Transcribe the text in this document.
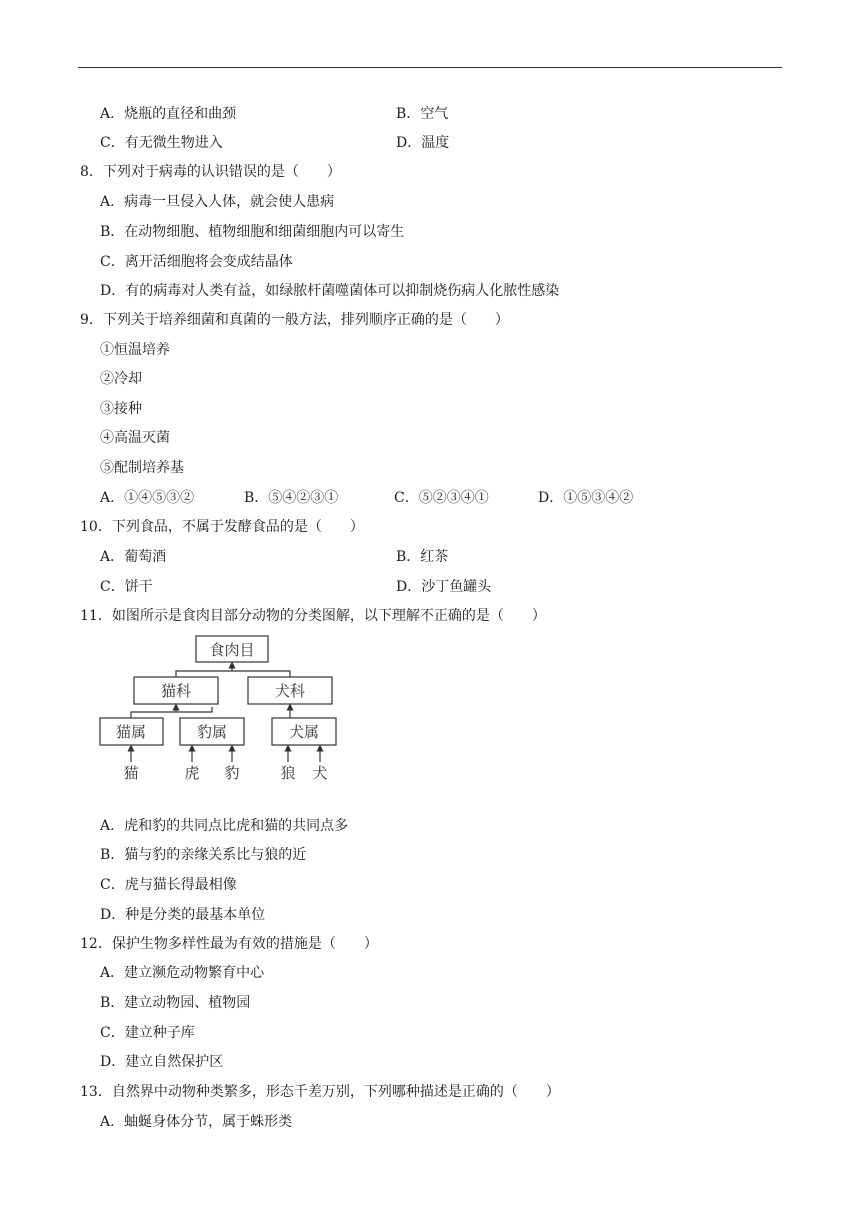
A．烧瓶的直径和曲颈	B．空气
C．有无微生物进入	D．温度
8．下列对于病毒的认识错误的是（　　）
A．病毒一旦侵入人体，就会使人患病
B．在动物细胞、植物细胞和细菌细胞内可以寄生
C．离开活细胞将会变成结晶体
D．有的病毒对人类有益，如绿脓杆菌噬菌体可以抑制烧伤病人化脓性感染
9．下列关于培养细菌和真菌的一般方法，排列顺序正确的是（　　）
①恒温培养
②冷却
③接种
④高温灭菌
⑤配制培养基
A．①④⑤③②	B．⑤④②③①	C．⑤②③④①	D．①⑤③④②
10．下列食品，不属于发酵食品的是（　　）
A．葡萄酒	B．红茶
C．饼干	D．沙丁鱼罐头
11．如图所示是食肉目部分动物的分类图解，以下理解不正确的是（　　）
食肉目
猫科	犬科
猫属	豹属	犬属
猫	虎 豹	狼 犬
A．虎和豹的共同点比虎和猫的共同点多
B．猫与豹的亲缘关系比与狼的近
C．虎与猫长得最相像
D．种是分类的最基本单位
12．保护生物多样性最为有效的措施是（　　）
A．建立濒危动物繁育中心
B．建立动物园、植物园
C．建立种子库
D．建立自然保护区
13．自然界中动物种类繁多，形态千差万别，下列哪种描述是正确的（　　）
A．蚰蜒身体分节，属于蛛形类
